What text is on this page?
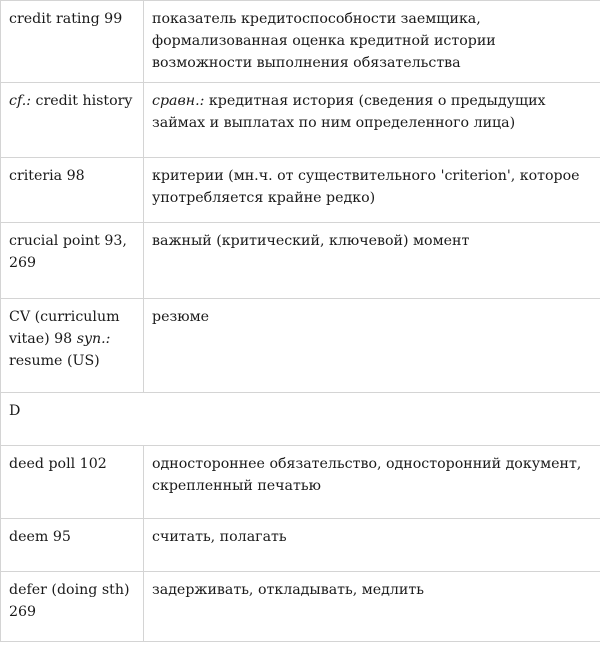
credit rating 99	показатель кредитоспособности заемщика, формализованная оценка кредитной истории возможности выполнения обязательства
cf.: credit history	сравн.: кредитная история (сведения о предыдущих займах и выплатах по ним определенного лица)
criteria 98	критерии (мн.ч. от существительного 'criterion', которое употребляется крайне редко)
crucial point 93, 269	важный (критический, ключевой) момент
CV (curriculum vitae) 98 syn.: resume (US)	резюме
D	
deed poll 102	одностороннее обязательство, односторонний документ, скрепленный печатью
deem 95	считать, полагать
defer (doing sth) 269	задерживать, откладывать, медлить
